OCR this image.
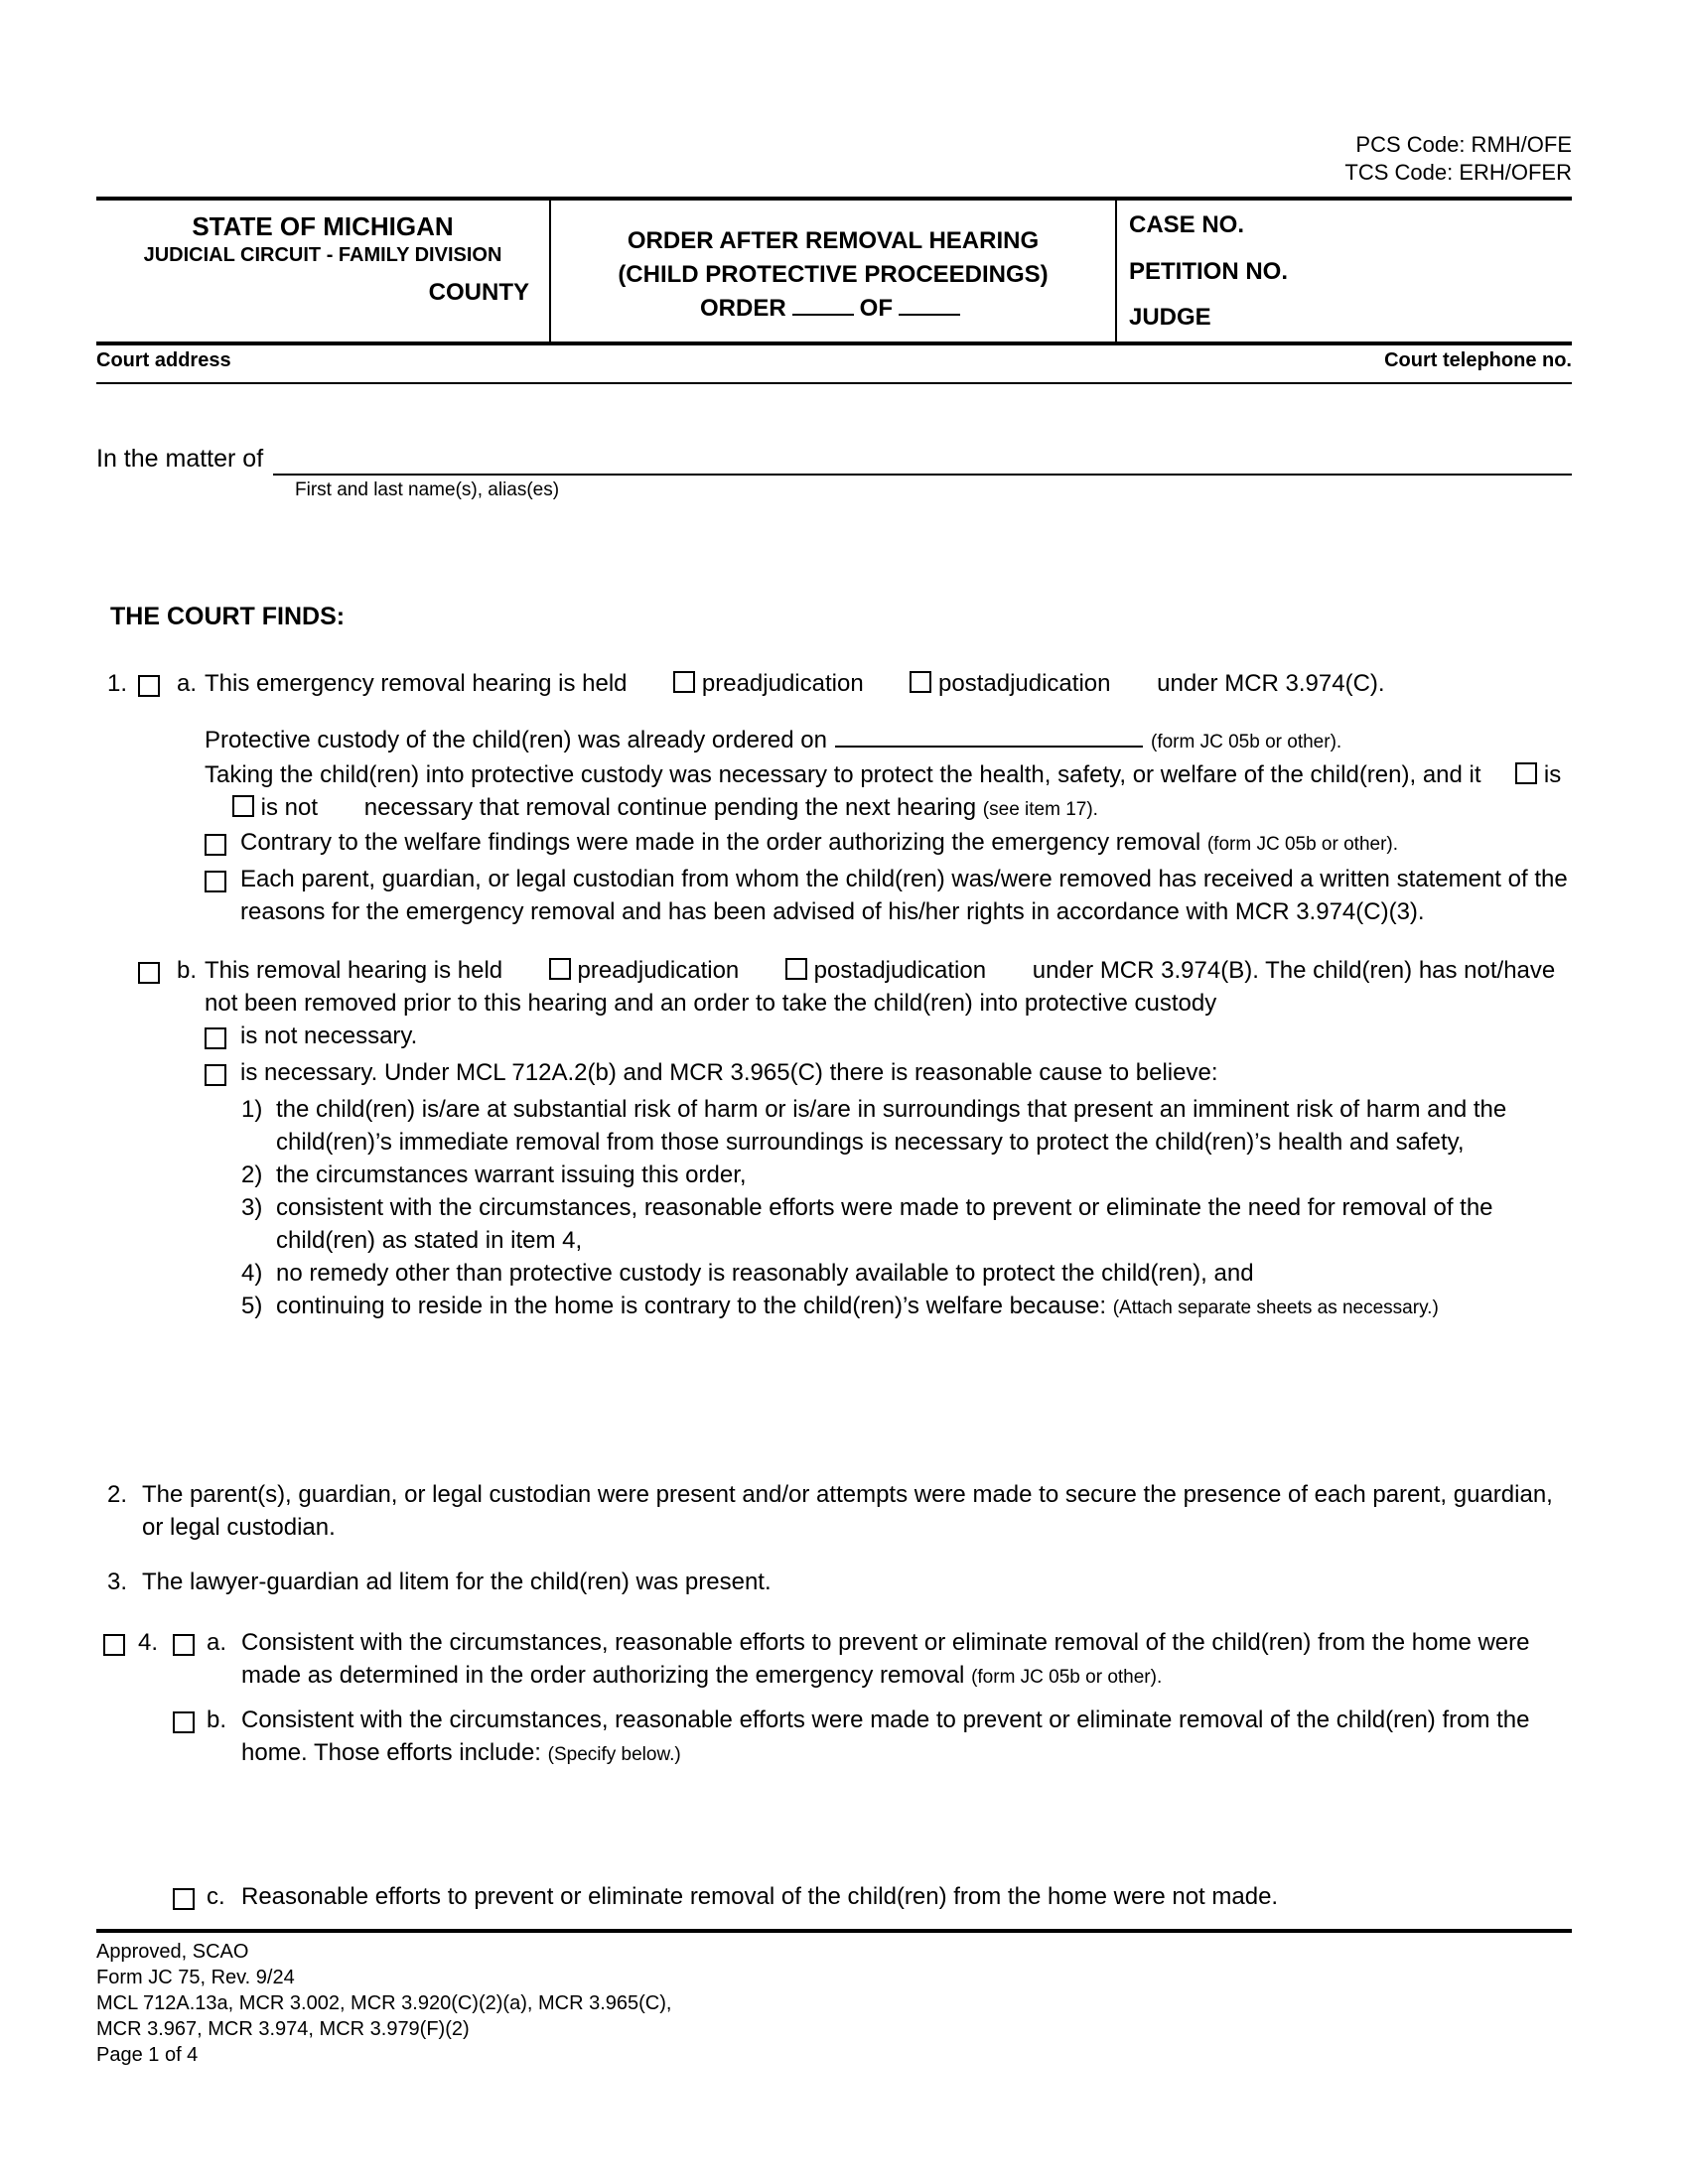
PCS Code: RMH/OFE
TCS Code: ERH/OFER
STATE OF MICHIGAN
JUDICIAL CIRCUIT - FAMILY DIVISION
COUNTY
ORDER AFTER REMOVAL HEARING
(CHILD PROTECTIVE PROCEEDINGS)
ORDER	OF
CASE NO.
PETITION NO.
JUDGE
Court address	Court telephone no.
In the matter of
First and last name(s), alias(es)
THE COURT FINDS:
1.	a. This emergency removal hearing is held	preadjudication	postadjudication under MCR 3.974(C).
Protective custody of the child(ren) was already ordered on	(form JC 05b or other).
Taking the child(ren) into protective custody was necessary to protect the health, safety, or welfare of the child(ren), and it	is  is not necessary that removal continue pending the next hearing (see item 17).
Contrary to the welfare findings were made in the order authorizing the emergency removal (form JC 05b or other).
Each parent, guardian, or legal custodian from whom the child(ren) was/were removed has received a written statement of the reasons for the emergency removal and has been advised of his/her rights in accordance with MCR 3.974(C)(3).
b. This removal hearing is held	preadjudication	postadjudication under MCR 3.974(B). The child(ren) has not/have not been removed prior to this hearing and an order to take the child(ren) into protective custody
is not necessary.
is necessary. Under MCL 712A.2(b) and MCR 3.965(C) there is reasonable cause to believe:
1) the child(ren) is/are at substantial risk of harm or is/are in surroundings that present an imminent risk of harm and the child(ren)’s immediate removal from those surroundings is necessary to protect the child(ren)’s health and safety,
2) the circumstances warrant issuing this order,
3) consistent with the circumstances, reasonable efforts were made to prevent or eliminate the need for removal of the child(ren) as stated in item 4,
4) no remedy other than protective custody is reasonably available to protect the child(ren), and
5) continuing to reside in the home is contrary to the child(ren)’s welfare because: (Attach separate sheets as necessary.)
2. The parent(s), guardian, or legal custodian were present and/or attempts were made to secure the presence of each parent, guardian, or legal custodian.
3. The lawyer-guardian ad litem for the child(ren) was present.
4.	a. Consistent with the circumstances, reasonable efforts to prevent or eliminate removal of the child(ren) from the home were made as determined in the order authorizing the emergency removal (form JC 05b or other).
b. Consistent with the circumstances, reasonable efforts were made to prevent or eliminate removal of the child(ren) from the home. Those efforts include: (Specify below.)
c. Reasonable efforts to prevent or eliminate removal of the child(ren) from the home were not made.
Approved, SCAO
Form JC 75, Rev. 9/24
MCL 712A.13a, MCR 3.002, MCR 3.920(C)(2)(a), MCR 3.965(C),
MCR 3.967, MCR 3.974, MCR 3.979(F)(2)
Page 1 of 4
